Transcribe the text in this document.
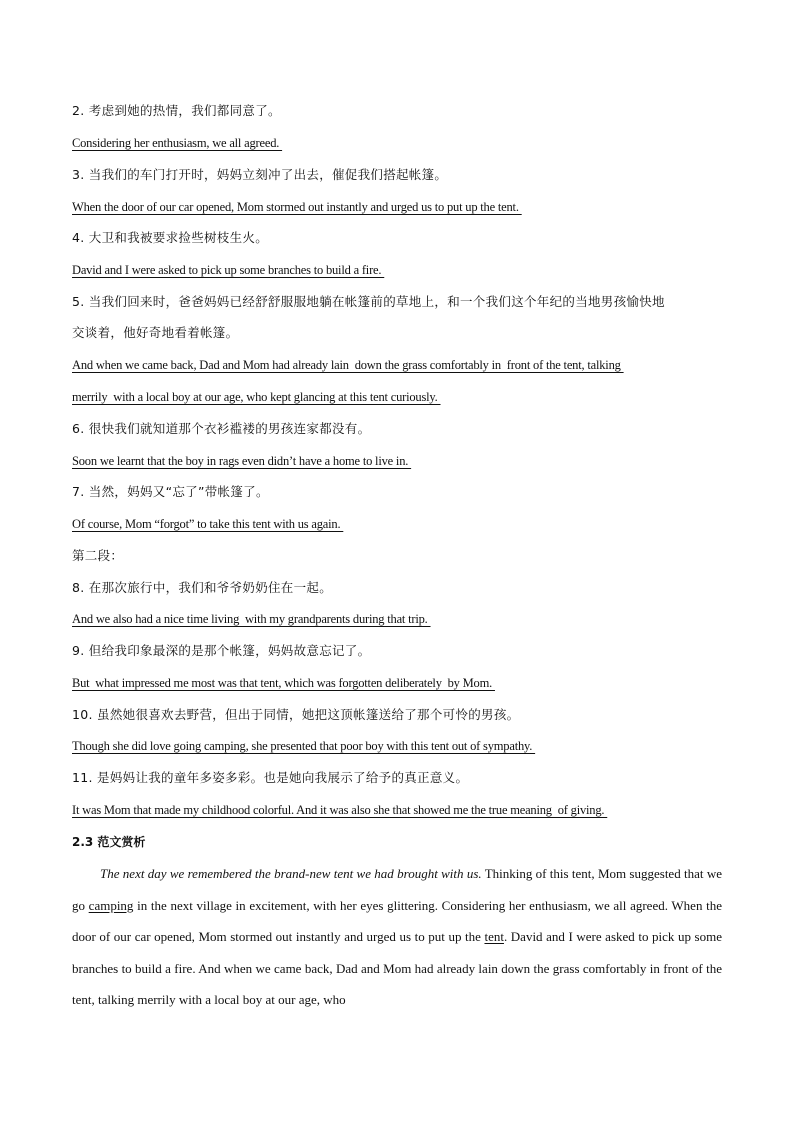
2. 考虑到她的热情，我们都同意了。
Considering her enthusiasm, we all agreed.
3. 当我们的车门打开时，妈妈立刻冲了出去，催促我们搭起帐篷。
When the door of our car opened, Mom stormed out instantly and urged us to put up the tent.
4. 大卫和我被要求捡些树枝生火。
David and I were asked to pick up some branches to build a fire.
5. 当我们回来时，爸爸妈妈已经舒舒服服地躺在帐篷前的草地上，和一个我们这个年纪的当地男孩愉快地
交谈着，他好奇地看着帐篷。
And when we came back, Dad and Mom had already lain  down the grass comfortably in  front of the tent, talking
merrily  with a local boy at our age, who kept glancing at this tent curiously.
6. 很快我们就知道那个衣衫褴褛的男孩连家都没有。
Soon we learnt that the boy in rags even didn’t have a home to live in.
7. 当然，妈妈又“忘了”带帐篷了。
Of course, Mom “forgot” to take this tent with us again.
第二段：
8. 在那次旅行中，我们和爷爷奶奶住在一起。
And we also had a nice time living  with my grandparents during that trip.
9. 但给我印象最深的是那个帐篷，妈妈故意忘记了。
But  what impressed me most was that tent, which was forgotten deliberately  by Mom.
10. 虽然她很喜欢去野营，但出于同情，她把这顶帐篷送给了那个可怜的男孩。
Though she did love going camping, she presented that poor boy with this tent out of sympathy.
11. 是妈妈让我的童年多姿多彩。也是她向我展示了给予的真正意义。
It was Mom that made my childhood colorful. And it was also she that showed me the true meaning  of giving.
2.3 范文赏析

The next day we remembered the brand-new tent we had brought with us. Thinking of this tent, Mom suggested that we go camping in the next village in excitement, with her eyes glittering. Considering her enthusiasm, we all agreed. When the door of our car opened, Mom stormed out instantly and urged us to put up the tent. David and I were asked to pick up some branches to build a fire. And when we came back, Dad and Mom had already lain down the grass comfortably in front of the tent, talking merrily with a local boy at our age, who
